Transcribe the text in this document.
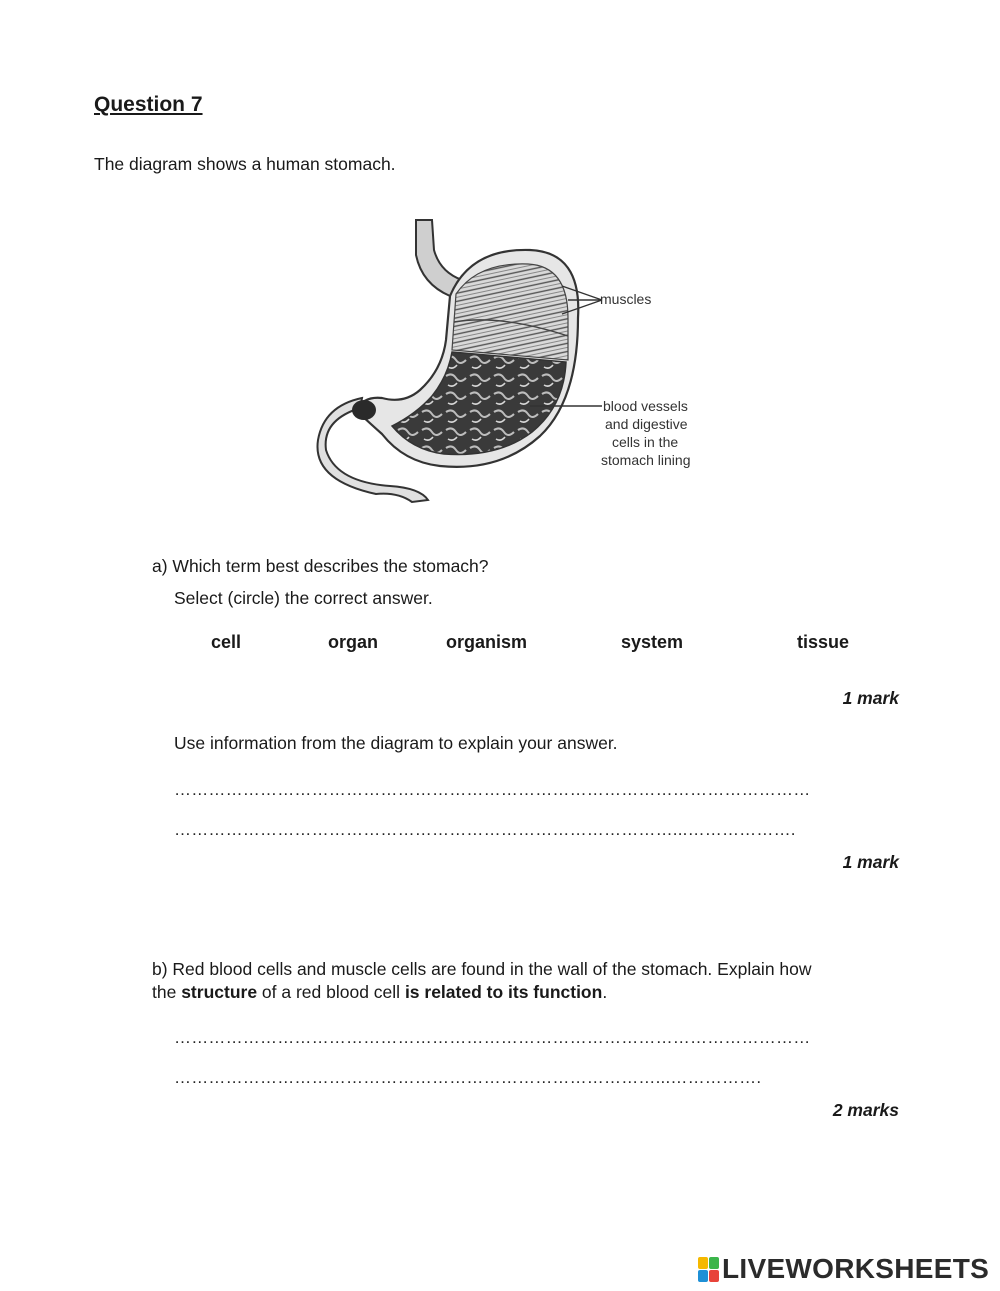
Question 7
The diagram shows a human stomach.
muscles
blood vessels
and digestive
cells in the
stomach lining
a) Which term best describes the stomach?
Select (circle) the correct answer.
cell	organ	organism	system	tissue
1 mark
Use information from the diagram to explain your answer.
…………………………………………………………………………………………………
……………………………………………………………………………...……………….
1 mark
b) Red blood cells and muscle cells are found in the wall of the stomach. Explain how
the structure of a red blood cell is related to its function.
…………………………………………………………………………………………………
…………………………………………………………………………...…………….
2 marks
LIVEWORKSHEETS
